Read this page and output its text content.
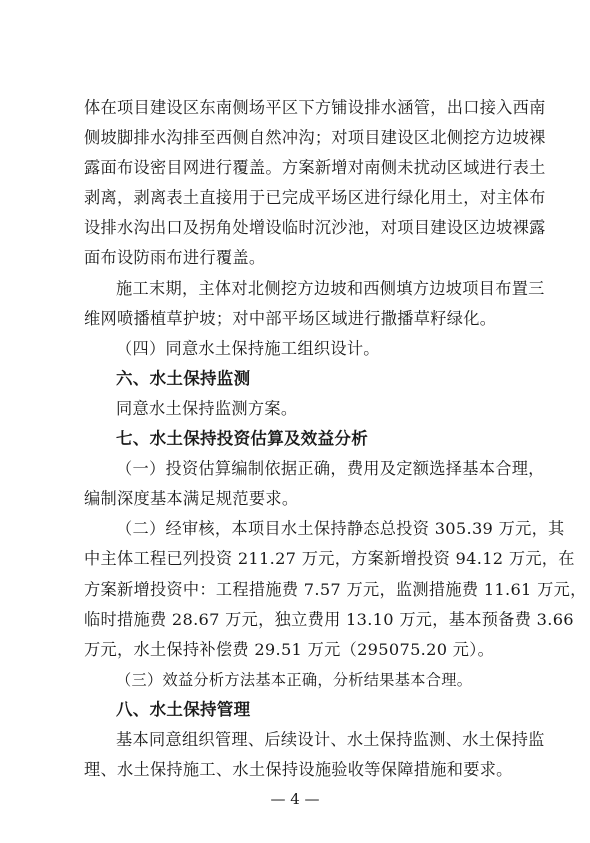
体在项目建设区东南侧场平区下方铺设排水涵管，出口接入西南
侧坡脚排水沟排至西侧自然冲沟；对项目建设区北侧挖方边坡裸
露面布设密目网进行覆盖。方案新增对南侧未扰动区域进行表土
剥离，剥离表土直接用于已完成平场区进行绿化用土，对主体布
设排水沟出口及拐角处增设临时沉沙池，对项目建设区边坡裸露
面布设防雨布进行覆盖。
施工末期，主体对北侧挖方边坡和西侧填方边坡项目布置三
维网喷播植草护坡；对中部平场区域进行撒播草籽绿化。
（四）同意水土保持施工组织设计。
六、水土保持监测
同意水土保持监测方案。
七、水土保持投资估算及效益分析
（一）投资估算编制依据正确，费用及定额选择基本合理，
编制深度基本满足规范要求。
（二）经审核，本项目水土保持静态总投资 305.39 万元，其
中主体工程已列投资 211.27 万元，方案新增投资 94.12 万元，在
方案新增投资中：工程措施费 7.57 万元，监测措施费 11.61 万元，
临时措施费 28.67 万元，独立费用 13.10 万元，基本预备费 3.66
万元，水土保持补偿费 29.51 万元（295075.20 元）。
（三）效益分析方法基本正确，分析结果基本合理。
八、水土保持管理
基本同意组织管理、后续设计、水土保持监测、水土保持监
理、水土保持施工、水土保持设施验收等保障措施和要求。
— 4 —
